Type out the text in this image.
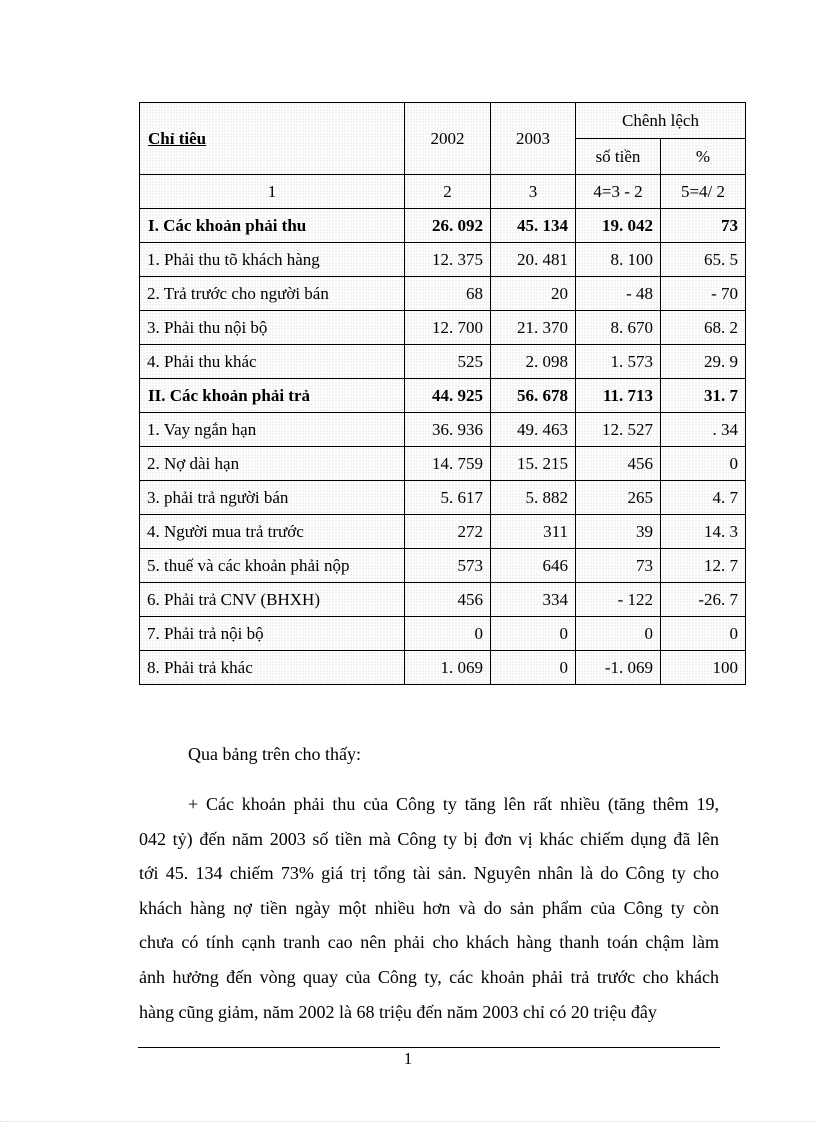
Chỉ tiêu	2002	2003	Chênh lệch	
			số tiền	%
1	2	3	4=3 - 2	5=4/ 2
I. Các khoản phải thu	26. 092	45. 134	19. 042	73
1. Phải thu tõ khách hàng	12. 375	20. 481	8. 100	65. 5
2. Trả trước cho người bán	68	20	- 48	- 70
3. Phải thu nội bộ	12. 700	21. 370	8. 670	68. 2
4. Phải thu khác	525	2. 098	1. 573	29. 9
II. Các khoản phải trả	44. 925	56. 678	11. 713	31. 7
1. Vay ngắn hạn	36. 936	49. 463	12. 527	. 34
2. Nợ dài hạn	14. 759	15. 215	456	0
3. phải trả người bán	5. 617	5. 882	265	4. 7
4. Người mua trả trước	272	311	39	14. 3
5. thuế và các khoản phải nộp	573	646	73	12. 7
6. Phải trả CNV (BHXH)	456	334	- 122	-26. 7
7. Phải trả nội bộ	0	0	0	0
8. Phải trả khác	1. 069	0	-1. 069	100
Qua bảng trên cho thấy:
+ Các khoản phải thu của Công ty tăng lên rất nhiều (tăng thêm 19,
042 tỷ) đến năm 2003 số tiền mà Công ty bị đơn vị khác chiếm dụng đã lên
tới 45. 134 chiếm 73% giá trị tổng tài sản. Nguyên nhân là do Công ty cho
khách hàng nợ tiền ngày một nhiều hơn và do sản phẩm của Công ty còn
chưa có tính cạnh tranh cao nên phải cho khách hàng thanh toán chậm làm
ảnh hưởng đến vòng quay của Công ty, các khoản phải trả trước cho khách
hàng cũng giảm, năm 2002 là 68 triệu đến năm 2003 chỉ có 20 triệu đây
1
